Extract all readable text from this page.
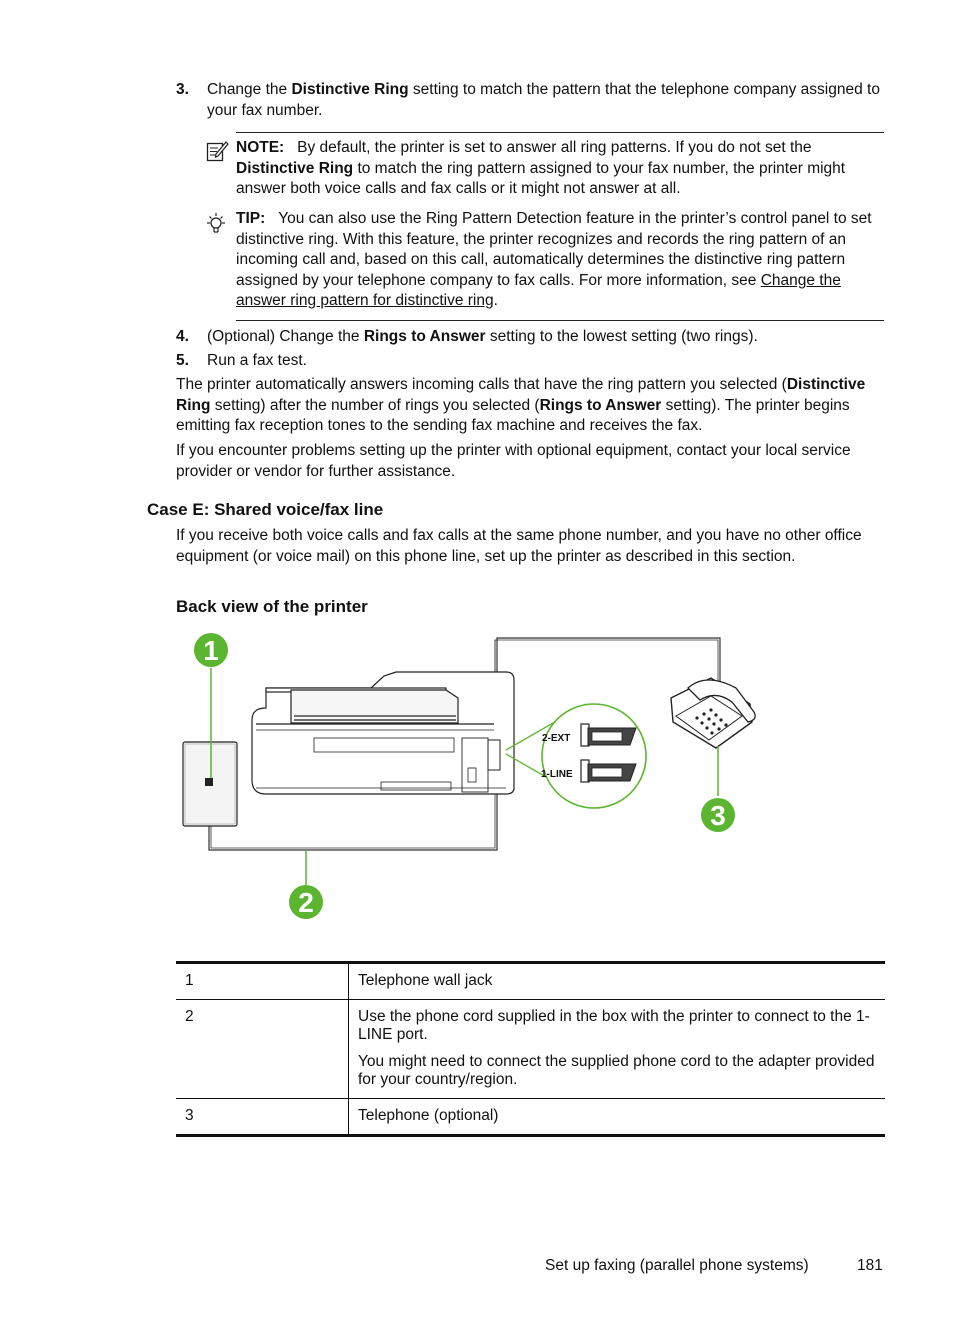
3. Change the Distinctive Ring setting to match the pattern that the telephone company assigned to your fax number.
NOTE: By default, the printer is set to answer all ring patterns. If you do not set the Distinctive Ring to match the ring pattern assigned to your fax number, the printer might answer both voice calls and fax calls or it might not answer at all.
TIP: You can also use the Ring Pattern Detection feature in the printer’s control panel to set distinctive ring. With this feature, the printer recognizes and records the ring pattern of an incoming call and, based on this call, automatically determines the distinctive ring pattern assigned by your telephone company to fax calls. For more information, see Change the answer ring pattern for distinctive ring.
4. (Optional) Change the Rings to Answer setting to the lowest setting (two rings).
5. Run a fax test.
The printer automatically answers incoming calls that have the ring pattern you selected (Distinctive Ring setting) after the number of rings you selected (Rings to Answer setting). The printer begins emitting fax reception tones to the sending fax machine and receives the fax.
If you encounter problems setting up the printer with optional equipment, contact your local service provider or vendor for further assistance.
Case E: Shared voice/fax line
If you receive both voice calls and fax calls at the same phone number, and you have no other office equipment (or voice mail) on this phone line, set up the printer as described in this section.
Back view of the printer
1
2
3
2-EXT
1-LINE
1	Telephone wall jack

2	Use the phone cord supplied in the box with the printer to connect to the 1-LINE port.

You might need to connect the supplied phone cord to the adapter provided for your country/region.

3	Telephone (optional)

Set up faxing (parallel phone systems)	181
